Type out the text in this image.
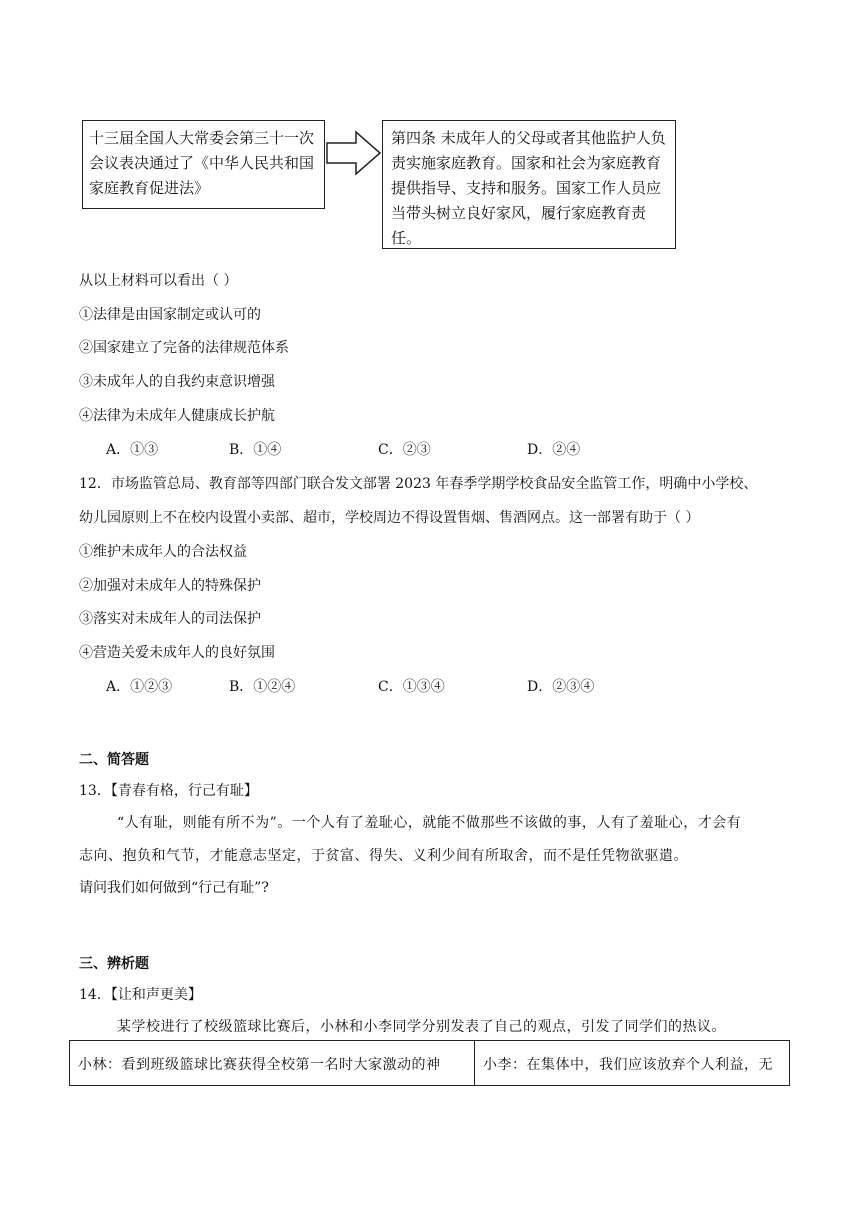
十三届全国人大常委会第三十一次会议表决通过了《中华人民共和国家庭教育促进法》
第四条 未成年人的父母或者其他监护人负责实施家庭教育。国家和社会为家庭教育提供指导、支持和服务。国家工作人员应当带头树立良好家风，履行家庭教育责任。
从以上材料可以看出（ ）
①法律是由国家制定或认可的
②国家建立了完备的法律规范体系
③未成年人的自我约束意识增强
④法律为未成年人健康成长护航
A．①③	B．①④	C．②③	D．②④
12．市场监管总局、教育部等四部门联合发文部署 2023 年春季学期学校食品安全监管工作，明确中小学校、
幼儿园原则上不在校内设置小卖部、超市，学校周边不得设置售烟、售酒网点。这一部署有助于（ ）
①维护未成年人的合法权益
②加强对未成年人的特殊保护
③落实对未成年人的司法保护
④营造关爱未成年人的良好氛围
A．①②③	B．①②④	C．①③④	D．②③④
二、简答题
13．【青春有格，行己有耻】
“人有耻，则能有所不为”。一个人有了羞耻心，就能不做那些不该做的事，人有了羞耻心，才会有
志向、抱负和气节，才能意志坚定，于贫富、得失、义利少间有所取舍，而不是任凭物欲驱遣。
请问我们如何做到“行己有耻”?
三、辨析题
14．【让和声更美】
某学校进行了校级篮球比赛后，小林和小李同学分别发表了自己的观点，引发了同学们的热议。
小林：看到班级篮球比赛获得全校第一名时大家激动的神	小李：在集体中，我们应该放弃个人利益，无
